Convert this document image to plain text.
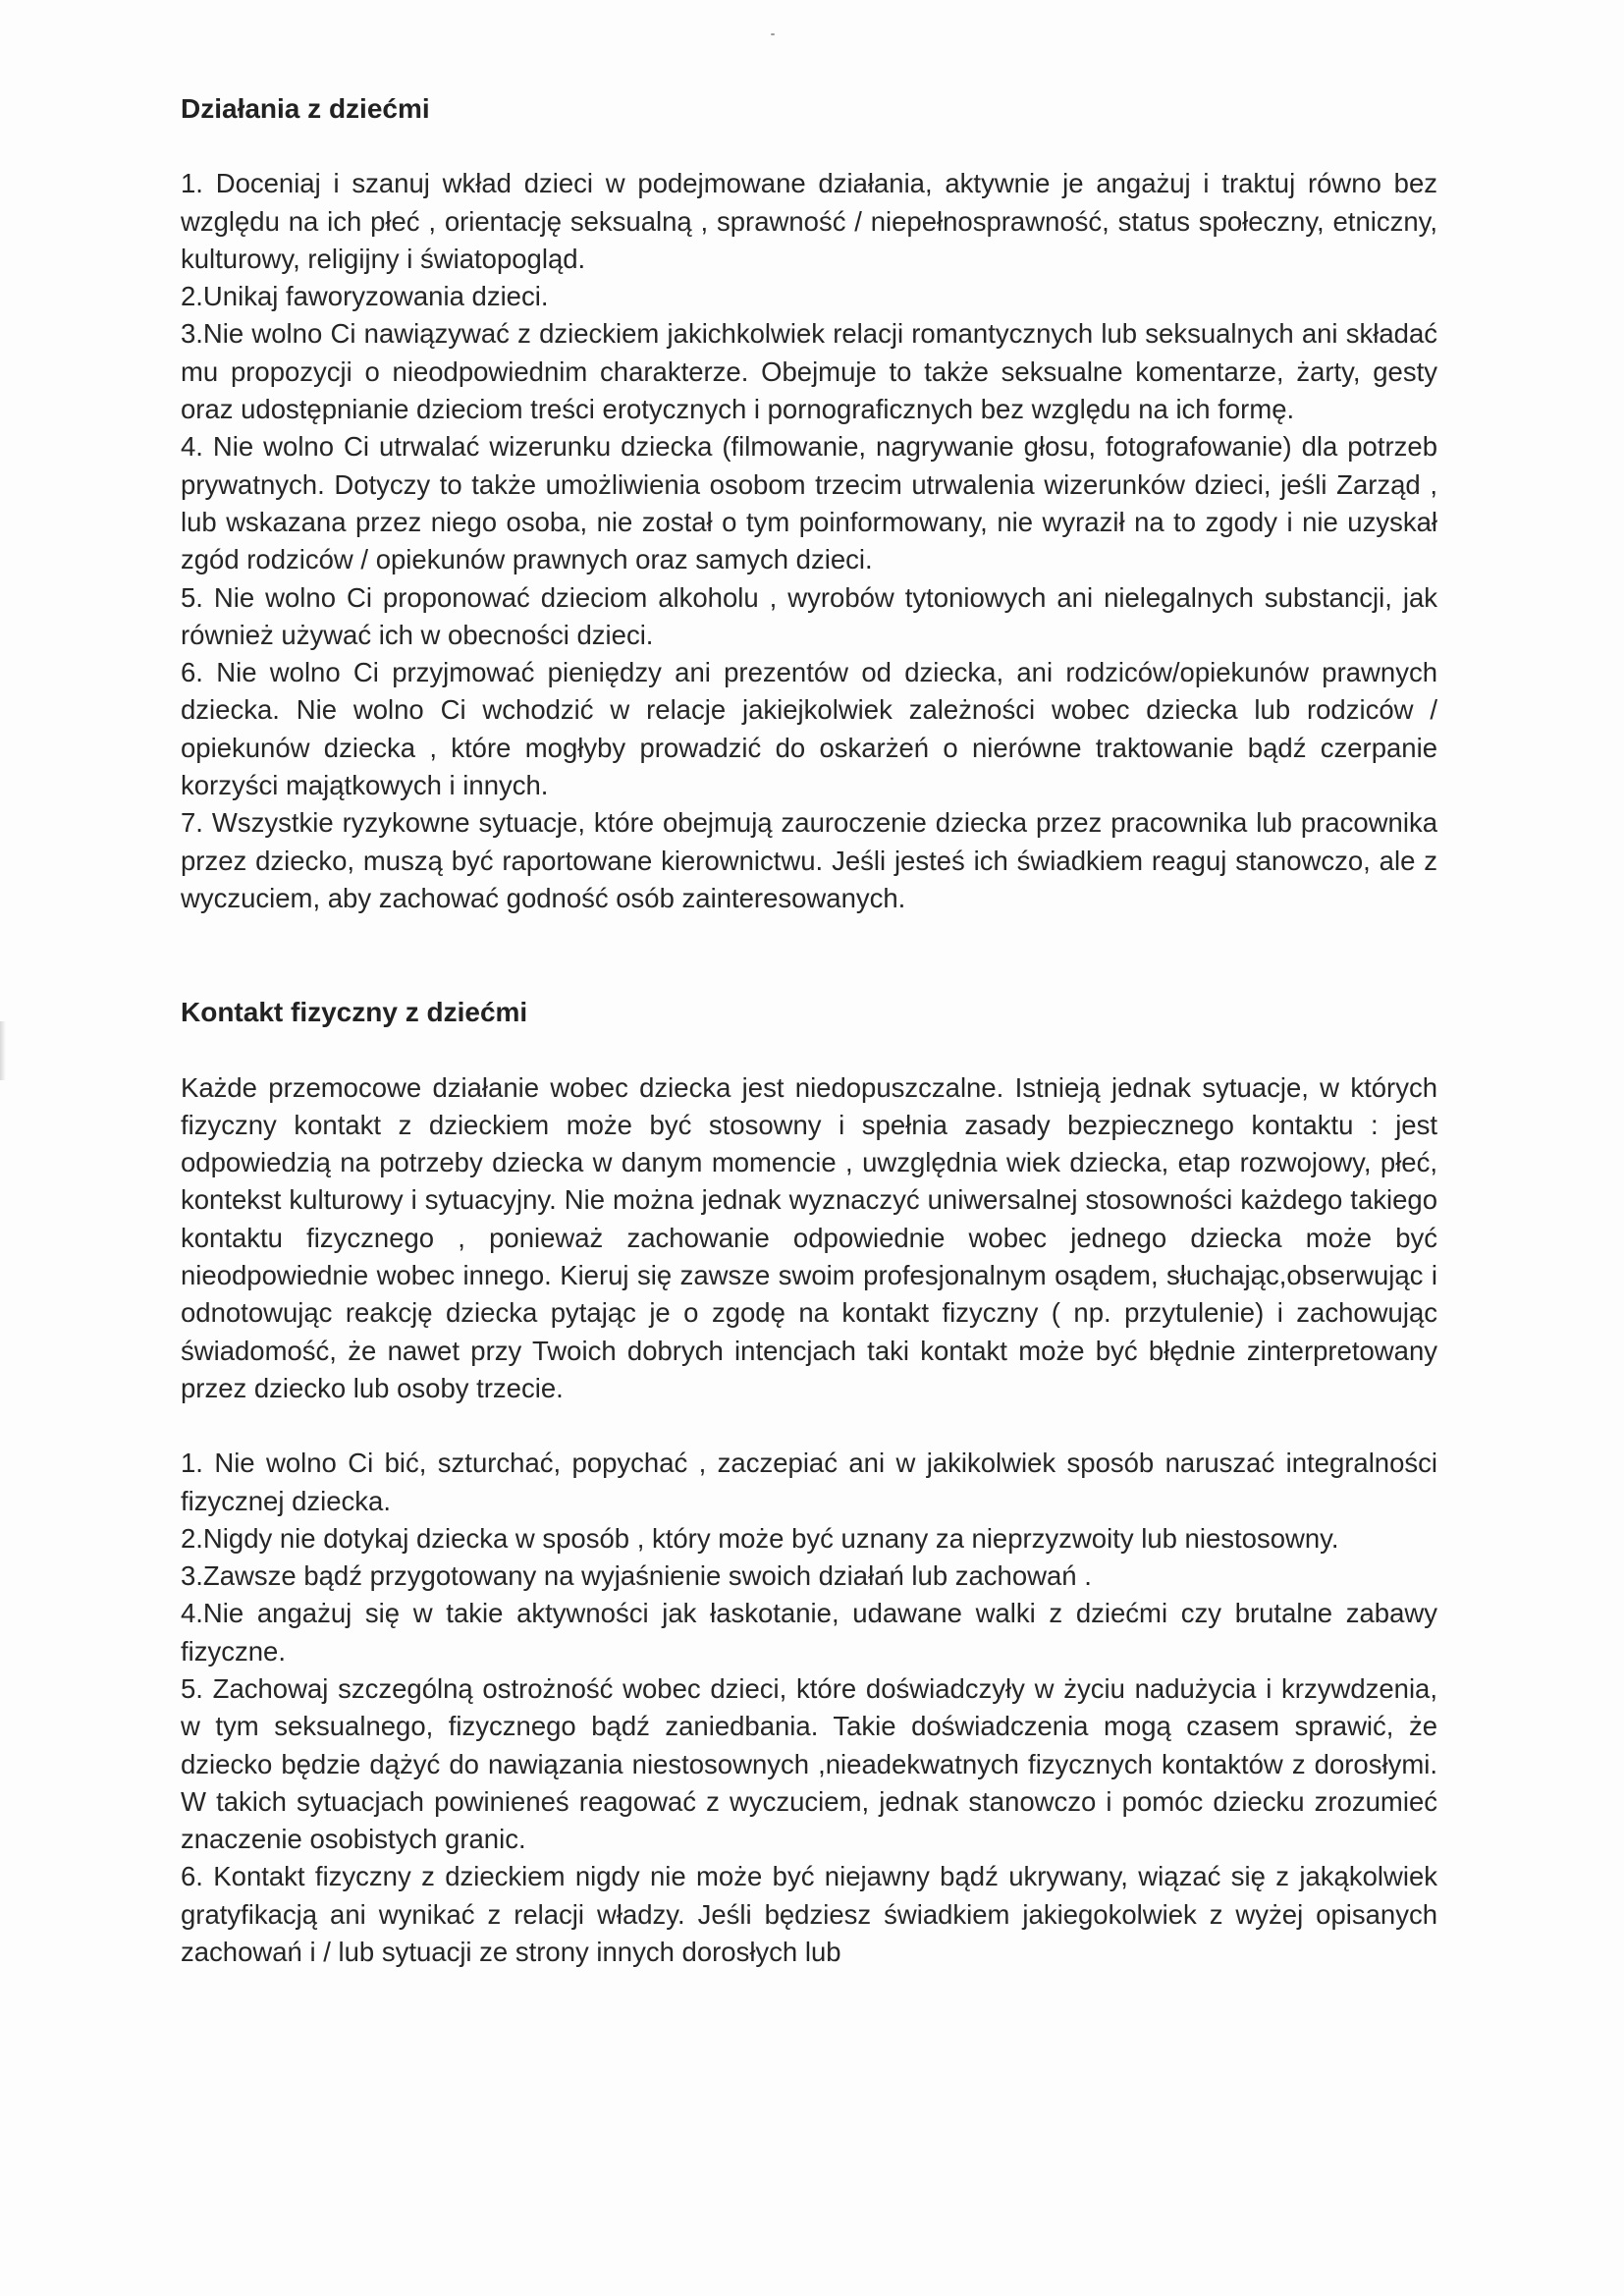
Działania z dziećmi

1. Doceniaj i szanuj wkład dzieci w podejmowane działania, aktywnie je angażuj i traktuj równo bez względu na ich płeć , orientację seksualną , sprawność / niepełnosprawność, status społeczny, etniczny, kulturowy, religijny i światopogląd.

2.Unikaj faworyzowania dzieci.

3.Nie wolno Ci nawiązywać z dzieckiem jakichkolwiek relacji romantycznych lub seksualnych ani składać mu propozycji o nieodpowiednim charakterze. Obejmuje to także seksualne komentarze, żarty, gesty oraz udostępnianie dzieciom treści erotycznych i pornograficznych bez względu na ich formę.

4. Nie wolno Ci utrwalać wizerunku dziecka (filmowanie, nagrywanie głosu, fotografowanie) dla potrzeb prywatnych. Dotyczy to także umożliwienia osobom trzecim utrwalenia wizerunków dzieci, jeśli Zarząd , lub wskazana przez niego osoba, nie został o tym poinformowany, nie wyraził na to zgody i nie uzyskał zgód rodziców / opiekunów prawnych oraz samych dzieci.

5. Nie wolno Ci proponować dzieciom alkoholu , wyrobów tytoniowych ani nielegalnych substancji, jak również używać ich w obecności dzieci.

6. Nie wolno Ci przyjmować pieniędzy ani prezentów od dziecka, ani rodziców/opiekunów prawnych dziecka. Nie wolno Ci wchodzić w relacje jakiejkolwiek zależności wobec dziecka lub rodziców / opiekunów dziecka , które mogłyby prowadzić do oskarżeń o nierówne traktowanie bądź czerpanie korzyści majątkowych i innych.

7. Wszystkie ryzykowne sytuacje, które obejmują zauroczenie dziecka przez pracownika lub pracownika przez dziecko, muszą być raportowane kierownictwu. Jeśli jesteś ich świadkiem reaguj stanowczo, ale z wyczuciem, aby zachować godność osób zainteresowanych.

Kontakt fizyczny z dziećmi

Każde przemocowe działanie wobec dziecka jest niedopuszczalne. Istnieją jednak sytuacje, w których fizyczny kontakt z dzieckiem może być stosowny i spełnia zasady bezpiecznego kontaktu : jest odpowiedzią na potrzeby dziecka w danym momencie , uwzględnia wiek dziecka, etap rozwojowy, płeć, kontekst kulturowy i sytuacyjny. Nie można jednak wyznaczyć uniwersalnej stosowności każdego takiego kontaktu fizycznego , ponieważ zachowanie odpowiednie wobec jednego dziecka może być nieodpowiednie wobec innego. Kieruj się zawsze swoim profesjonalnym osądem, słuchając,obserwując i odnotowując reakcję dziecka pytając je o zgodę na kontakt fizyczny ( np. przytulenie) i zachowując świadomość, że nawet przy Twoich dobrych intencjach taki kontakt może być błędnie zinterpretowany przez dziecko lub osoby trzecie.

1. Nie wolno Ci bić, szturchać, popychać , zaczepiać ani w jakikolwiek sposób naruszać integralności fizycznej dziecka.

2.Nigdy nie dotykaj dziecka w sposób , który może być uznany za nieprzyzwoity lub niestosowny.

3.Zawsze bądź przygotowany na wyjaśnienie swoich działań lub zachowań .

4.Nie angażuj się w takie aktywności jak łaskotanie, udawane walki z dziećmi czy brutalne zabawy fizyczne.

5. Zachowaj szczególną ostrożność wobec dzieci, które doświadczyły w życiu nadużycia i krzywdzenia, w tym seksualnego, fizycznego bądź zaniedbania. Takie doświadczenia mogą czasem sprawić, że dziecko będzie dążyć do nawiązania niestosownych ,nieadekwatnych fizycznych kontaktów z dorosłymi. W takich sytuacjach powinieneś reagować z wyczuciem, jednak stanowczo i pomóc dziecku zrozumieć znaczenie osobistych granic.

6. Kontakt fizyczny z dzieckiem nigdy nie może być niejawny bądź ukrywany, wiązać się z jakąkolwiek gratyfikacją ani wynikać z relacji władzy. Jeśli będziesz świadkiem jakiegokolwiek z wyżej opisanych zachowań i / lub sytuacji ze strony innych dorosłych lub
